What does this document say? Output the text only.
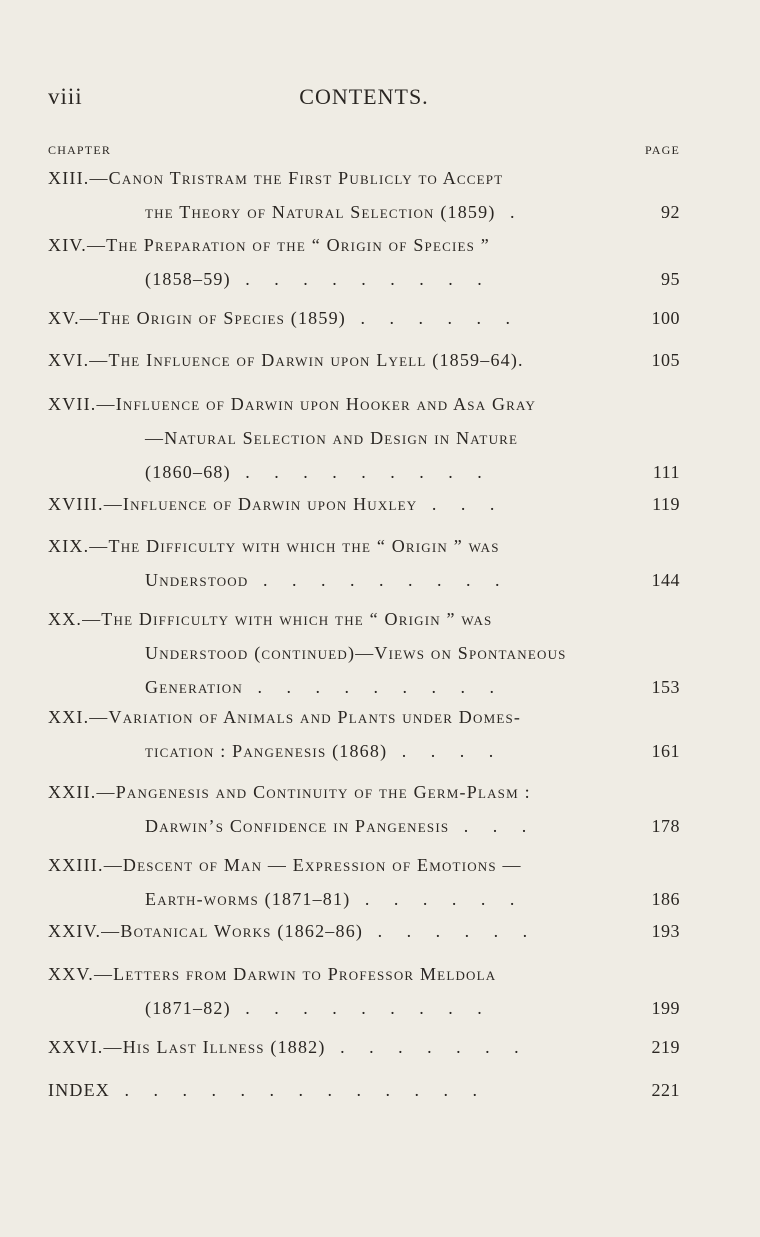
viii	CONTENTS.
CHAPTER	PAGE
XIII.—Canon Tristram the First Publicly to Accept
the Theory of Natural Selection (1859) .	92
XIV.—The Preparation of the “ Origin of Species ”
(1858–59) . . . . . . . . .	95
XV.—The Origin of Species (1859) . . . . . .	100
XVI.—The Influence of Darwin upon Lyell (1859–64).	105
XVII.—Influence of Darwin upon Hooker and Asa Gray
—Natural Selection and Design in Nature
(1860–68) . . . . . . . . .	111
XVIII.—Influence of Darwin upon Huxley . . .	119
XIX.—The Difficulty with which the “ Origin ” was
Understood . . . . . . . . .	144
XX.—The Difficulty with which the “ Origin ” was
Understood (continued)—Views on Spontaneous
Generation . . . . . . . . .	153
XXI.—Variation of Animals and Plants under Domes-
tication : Pangenesis (1868) . . . .	161
XXII.—Pangenesis and Continuity of the Germ-Plasm :
Darwin’s Confidence in Pangenesis . . .	178
XXIII.—Descent of Man — Expression of Emotions —
Earth-worms (1871–81) . . . . . .	186
XXIV.—Botanical Works (1862–86) . . . . . .	193
XXV.—Letters from Darwin to Professor Meldola
(1871–82) . . . . . . . . .	199
XXVI.—His Last Illness (1882) . . . . . . .	219
INDEX . . . . . . . . . . . . .	221
